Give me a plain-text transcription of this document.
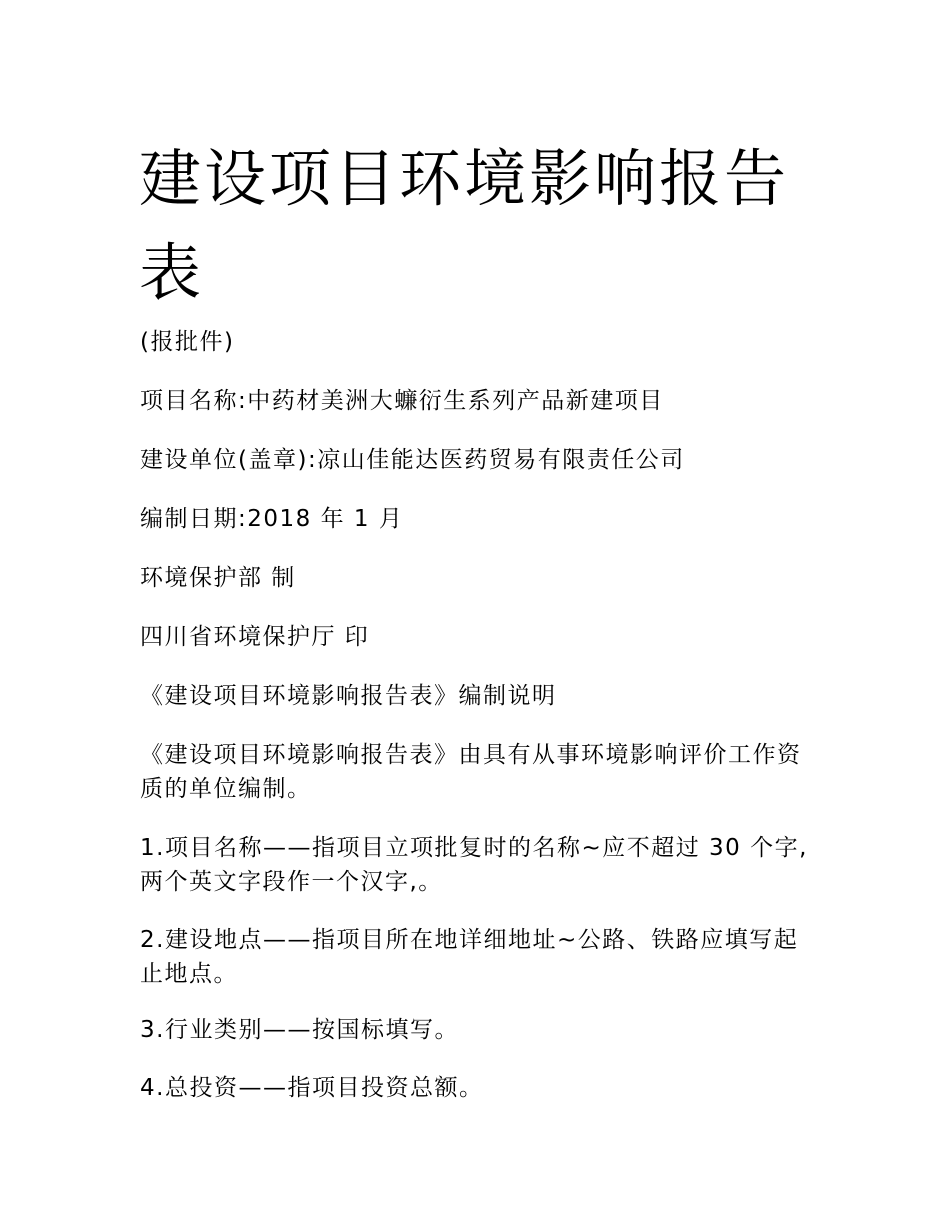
建设项目环境影响报告表

(报批件)

项目名称:中药材美洲大蠊衍生系列产品新建项目

建设单位(盖章):凉山佳能达医药贸易有限责任公司

编制日期:2018 年 1 月

环境保护部 制

四川省环境保护厅 印

《建设项目环境影响报告表》编制说明

《建设项目环境影响报告表》由具有从事环境影响评价工作资质的单位编制。

1.项目名称——指项目立项批复时的名称~应不超过 30 个字,两个英文字段作一个汉字,。

2.建设地点——指项目所在地详细地址~公路、铁路应填写起止地点。

3.行业类别——按国标填写。

4.总投资——指项目投资总额。
